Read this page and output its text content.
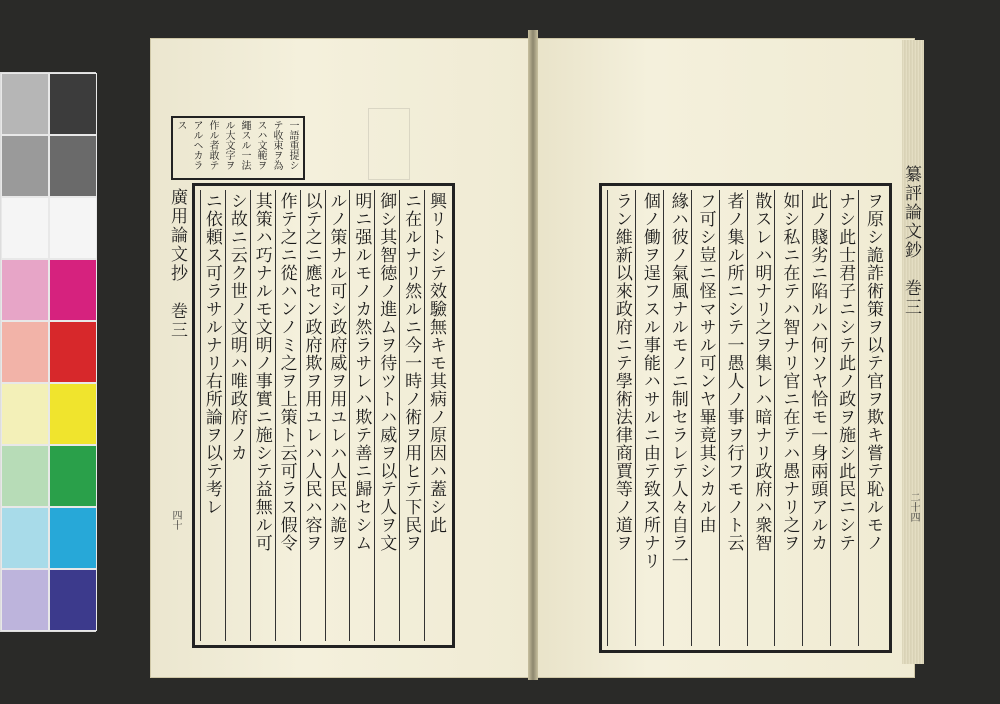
一語重提シ
テ收束ヲ為
スハ文範ヲ
繩スル一法
ル大文字ヲ
作ル者敢テ
アルヘカラ
ス
廣用論文抄　巻三
四十	興リトシテ效驗無キモ其病ノ原因ハ蓋シ此
ニ在ルナリ然ルニ今一時ノ術ヲ用ヒテ下民ヲ
御シ其智徳ノ進ムヲ待ツトハ威ヲ以テ人ヲ文
明ニ强ルモノカ然ラサレハ欺テ善ニ歸セシム
ルノ策ナル可シ政府威ヲ用ユレハ人民ハ詭ヲ
以テ之ニ應セン政府欺ヲ用ユレハ人民ハ容ヲ
作テ之ニ從ハンノミ之ヲ上策ト云可ラス假令
其策ハ巧ナルモ文明ノ事實ニ施シテ益無ル可
シ故ニ云ク世ノ文明ハ唯政府ノカ
ニ依頼ス可ラサルナリ右所論ヲ以テ考レ	ヲ原シ詭詐術策ヲ以テ官ヲ欺キ嘗テ恥ルモノ
ナシ此士君子ニシテ此ノ政ヲ施シ此民ニシテ
此ノ賤劣ニ陷ルハ何ソヤ恰モ一身兩頭アルカ
如シ私ニ在テハ智ナリ官ニ在テハ愚ナリ之ヲ
散スレハ明ナリ之ヲ集レハ暗ナリ政府ハ衆智
者ノ集ル所ニシテ一愚人ノ事ヲ行フモノト云
フ可シ豈ニ怪マサル可ンヤ畢竟其シカル由
緣ハ彼ノ氣風ナルモノニ制セラレテ人々自ラ一
個ノ働ヲ逞フスル事能ハサルニ由テ致ス所ナリ
ラン維新以來政府ニテ學術法律商賈等ノ道ヲ	纂評論文鈔　巻三
二十四
